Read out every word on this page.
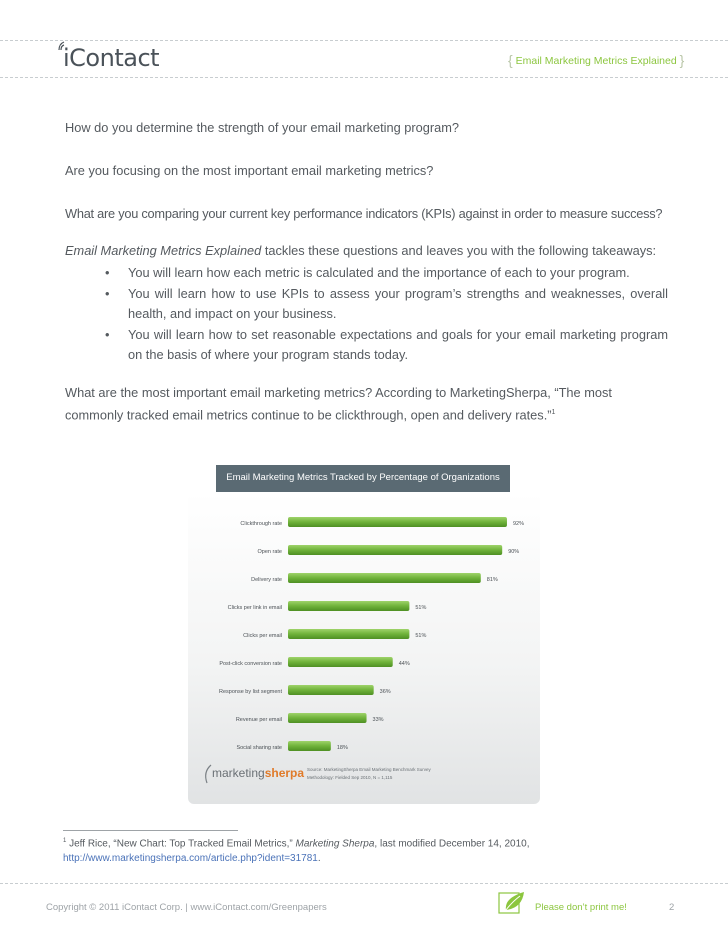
iContact	{ Email Marketing Metrics Explained }

How do you determine the strength of your email marketing program?

Are you focusing on the most important email marketing metrics?

What are you comparing your current key performance indicators (KPIs) against in order to measure success?

Email Marketing Metrics Explained tackles these questions and leaves you with the following takeaways:

• You will learn how each metric is calculated and the importance of each to your program.
• You will learn how to use KPIs to assess your program’s strengths and weaknesses, overall health, and impact on your business.
• You will learn how to set reasonable expectations and goals for your email marketing program on the basis of where your program stands today.

What are the most important email marketing metrics? According to MarketingSherpa, “The most commonly tracked email metrics continue to be clickthrough, open and delivery rates.”$^1$

Email Marketing Metrics Tracked by Percentage of Organizations
Clickthrough rate	92%
Open rate	90%
Delivery rate	81%
Clicks per link in email	51%
Clicks per email	51%
Post-click conversion rate	44%
Response by list segment	36%
Revenue per email	33%
Social sharing rate	18%
marketingsherpa Source: MarketingSherpa Email Marketing Benchmark Survey
Methodology: Fielded Sep 2010, N = 1,115
$^1$ Jeff Rice, “New Chart: Top Tracked Email Metrics,” Marketing Sherpa, last modified December 14, 2010,
http://www.marketingsherpa.com/article.php?ident=31781.
Copyright © 2011 iContact Corp. | www.iContact.com/Greenpapers	Please don’t print me!	2
